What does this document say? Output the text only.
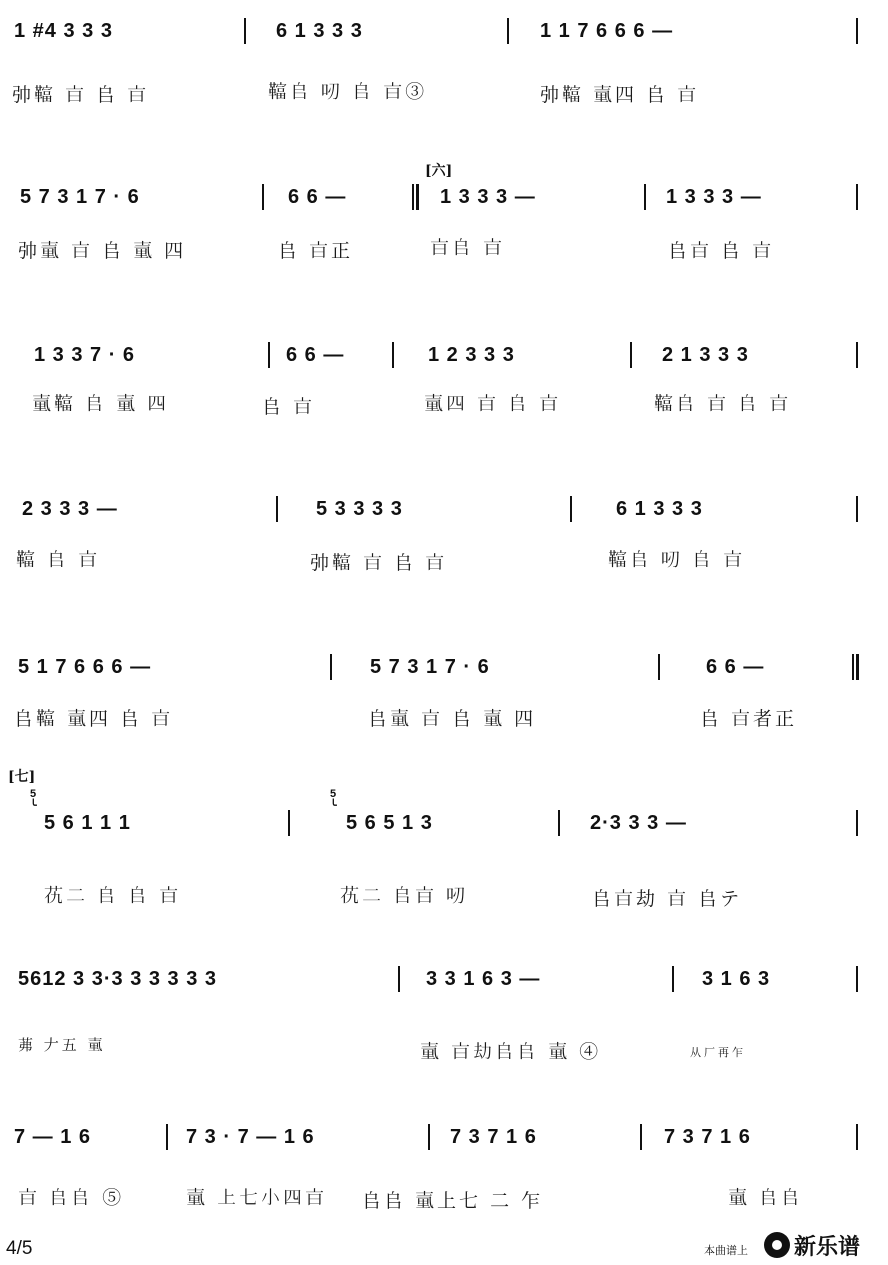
1 #4 3 3 3	6 1 3 3 3	1 1 7 6 6 6 —
𢎭𩍏 𣅀 𠂤 𣅀	𩍏𠂤 𠯄 𠂤 𣅀③	𢎭𩍏 𡔬四 𠂤 𣅀
[六]
5 7 3 1 7 · 6	6 6 —	1 3 3 3 —	1 3 3 3 —
𢎭𡔬 𣅀 𠂤 𡔬 四	𠂤 𣅀正	𣅀𠂤 𣅀	𠂤𣅀 𠂤 𣅀
1 3 3 7 · 6	6 6 —	1 2 3 3 3	2 1 3 3 3
𡔬𩍏 𠂤 𡔬 四	𠂤 𣅀	𡔬四 𣅀 𠂤 𣅀	𩍏𠂤 𣅀 𠂤 𣅀
2 3 3 3 —	5 3 3 3 3	6 1 3 3 3
𩍏 𠂤 𣅀	𢎭𩍏 𣅀 𠂤 𣅀	𩍏𠂤 𠯄 𠂤 𣅀
5 1 7 6 6 6 —	5 7 3 1 7 · 6	6 6 —
𠂤𩍏 𡔬四 𠂤 𣅀	𠂤𡔬 𣅀 𠂤 𡔬 四	𠂤 𣅀者正
[七]
5
╰
5 6 1 1 1
5
╰
5 6 5 1 3	2·3 3 3 —
𦬖二 𠂤 𠂤 𣅀	𦬖二 𠂤𣅀 𠯄	𠂤𣅀劫 𣅀 𠂤テ
5612 3 3·3 3 3 3 3 3	3 3 1 6 3 —	3 1 6 3
茀 𠂇五 𡔬	𡔬 𣅀劫𠂤𠂤 𡔬 ④	从厂再乍
7 — 1 6	7 3 · 7 — 1 6	7 3 7 1 6	7 3 7 1 6
𣅀 𠂤𠂤 ⑤	𡔬 上七小四𣅀 𠂤𠂤 𡔬上七 二 乍	𡔬 𠂤𠂤
4/5	本曲谱上 新乐谱
